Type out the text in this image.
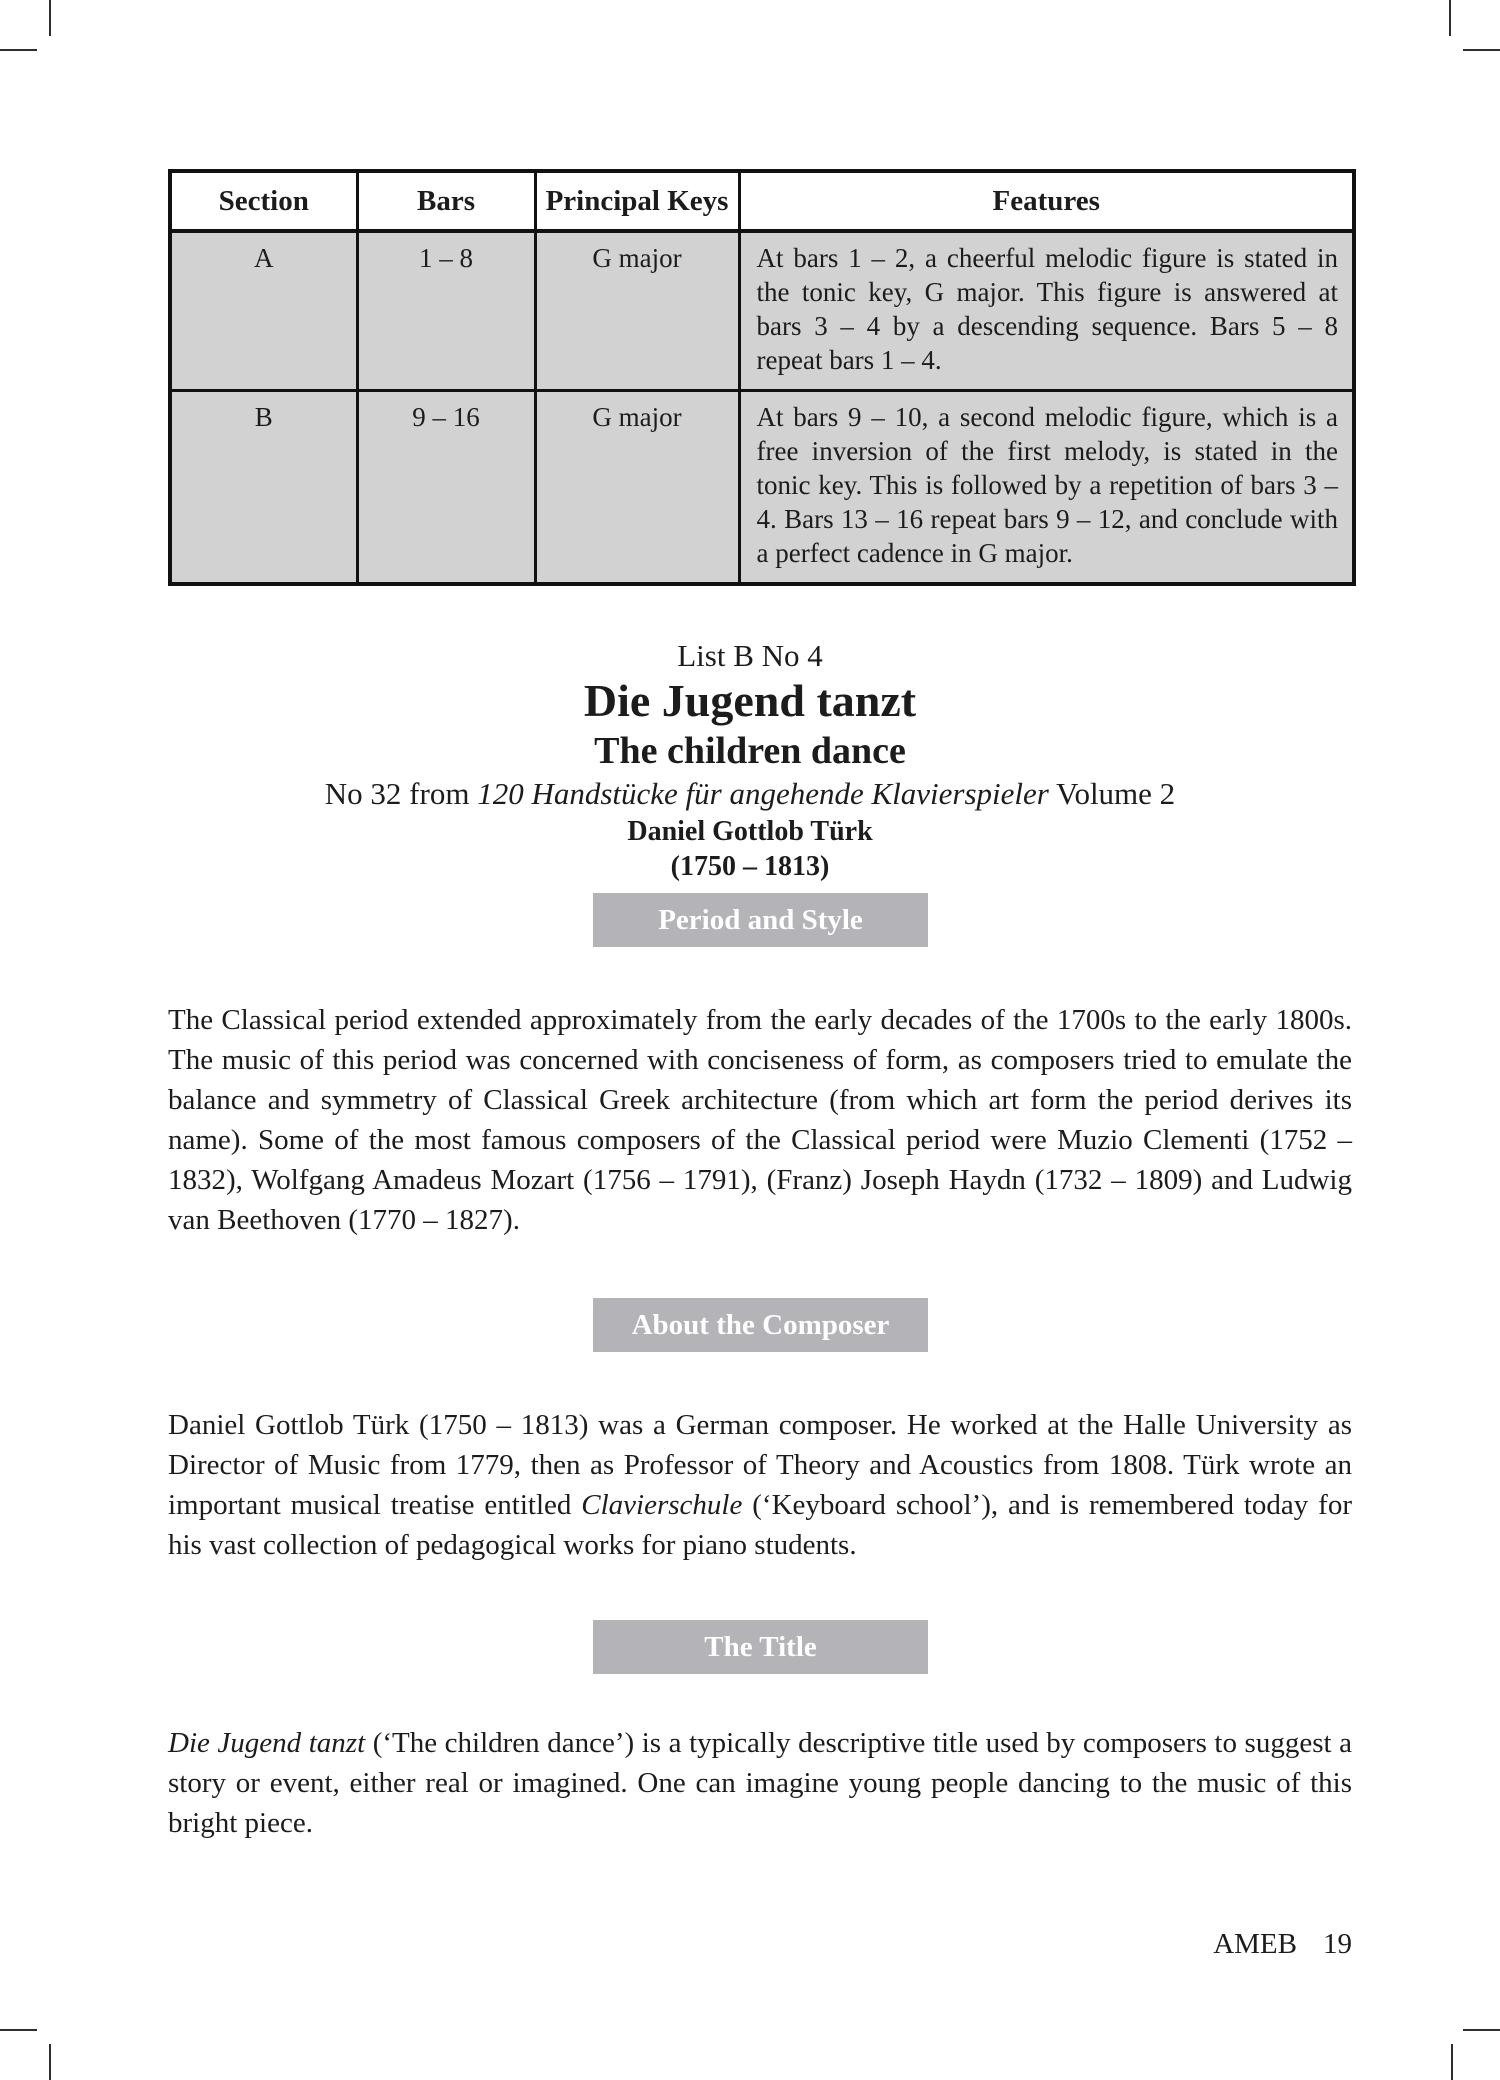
Section	Bars	Principal Keys	Features
A	1 – 8	G major	At bars 1 – 2, a cheerful melodic figure is stated in the tonic key, G major. This figure is answered at bars 3 – 4 by a descending sequence. Bars 5 – 8 repeat bars 1 – 4.
B	9 – 16	G major	At bars 9 – 10, a second melodic figure, which is a free inversion of the first melody, is stated in the tonic key. This is followed by a repetition of bars 3 – 4. Bars 13 – 16 repeat bars 9 – 12, and conclude with a perfect cadence in G major.
List B No 4
Die Jugend tanzt
The children dance
No 32 from 120 Handstücke für angehende Klavierspieler Volume 2
Daniel Gottlob Türk
(1750 – 1813)
Period and Style

The Classical period extended approximately from the early decades of the 1700s to the early 1800s. The music of this period was concerned with conciseness of form, as composers tried to emulate the balance and symmetry of Classical Greek architecture (from which art form the period derives its name). Some of the most famous composers of the Classical period were Muzio Clementi (1752 – 1832), Wolfgang Amadeus Mozart (1756 – 1791), (Franz) Joseph Haydn (1732 – 1809) and Ludwig van Beethoven (1770 – 1827).

About the Composer

Daniel Gottlob Türk (1750 – 1813) was a German composer. He worked at the Halle University as Director of Music from 1779, then as Professor of Theory and Acoustics from 1808. Türk wrote an important musical treatise entitled Clavierschule (‘Keyboard school’), and is remembered today for his vast collection of pedagogical works for piano students.

The Title

Die Jugend tanzt (‘The children dance’) is a typically descriptive title used by composers to suggest a story or event, either real or imagined. One can imagine young people dancing to the music of this bright piece.

AMEB 19
